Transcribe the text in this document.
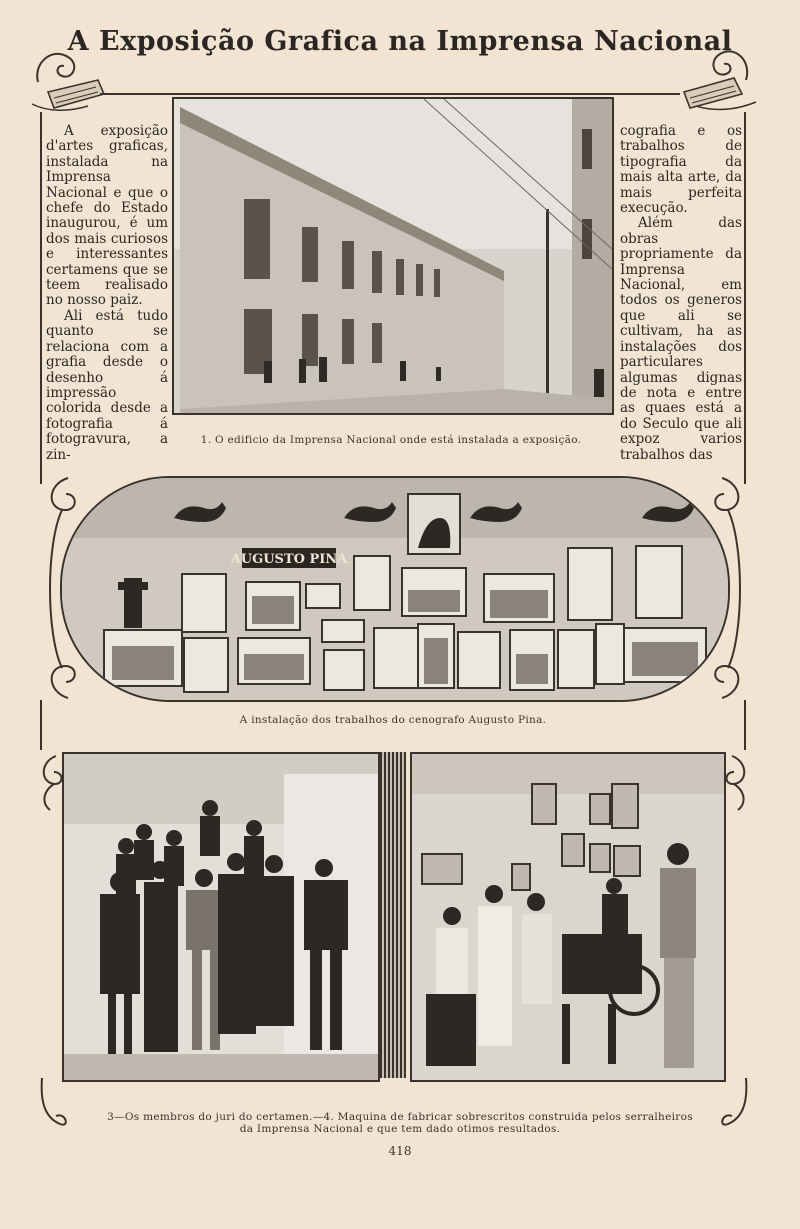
A Exposição Grafica na Imprensa Nacional

A exposição d'artes graficas, instalada na Imprensa Nacional e que o chefe do Estado inaugurou, é um dos mais curiosos e interessantes certamens que se teem realisado no nosso paiz.

Ali está tudo quanto se relaciona com a grafia desde o desenho á impressão colorida desde a fotografia á fotogravura, a zin-

cografia e os trabalhos de tipografia da mais alta arte, da mais perfeita execução.

Além das obras propriamente da Imprensa Nacional, em todos os generos que ali se cultivam, ha as instalações dos particulares algumas dignas de nota e entre as quaes está a do Seculo que ali expoz varios trabalhos das

1. O edificio da Imprensa Nacional onde está instalada a exposição.
AUGUSTO PINA
A instalação dos trabalhos do cenografo Augusto Pina.
3—Os membros do juri do certamen.—4. Maquina de fabricar sobrescritos construida pelos serralheiros
da Imprensa Nacional e que tem dado otimos resultados.
418
